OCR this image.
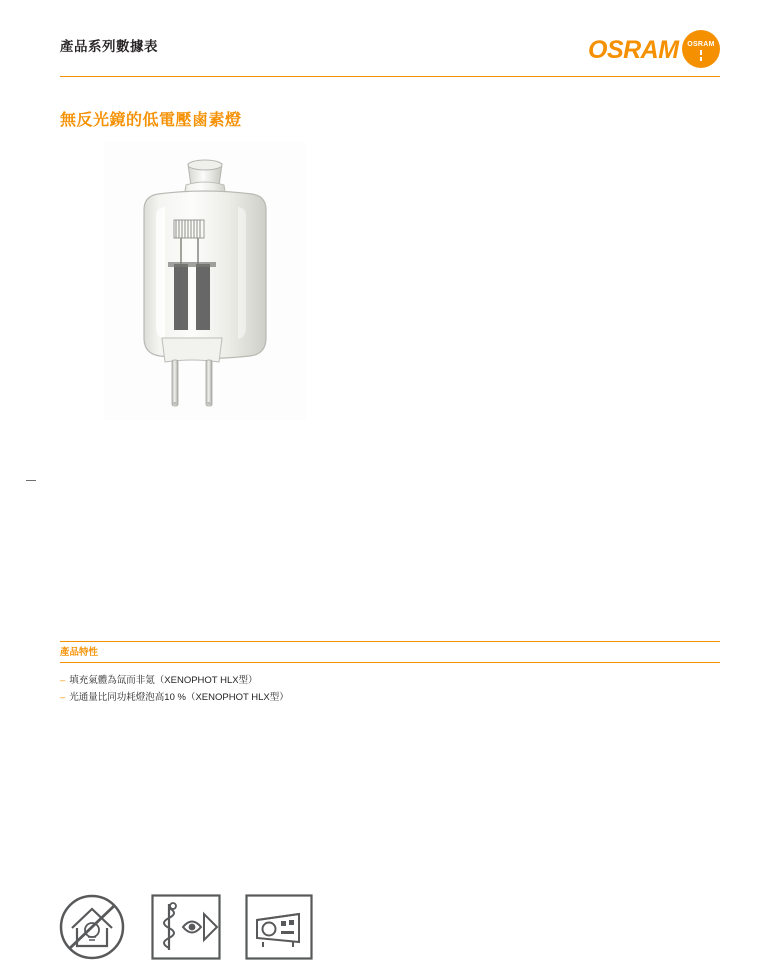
產品系列數據表	OSRAM	OSRAM
無反光鏡的低電壓鹵素燈
產品特性
– 填充氣體為氙而非氪（XENOPHOT HLX型）
– 光通量比同功耗燈泡高10 %（XENOPHOT HLX型）
